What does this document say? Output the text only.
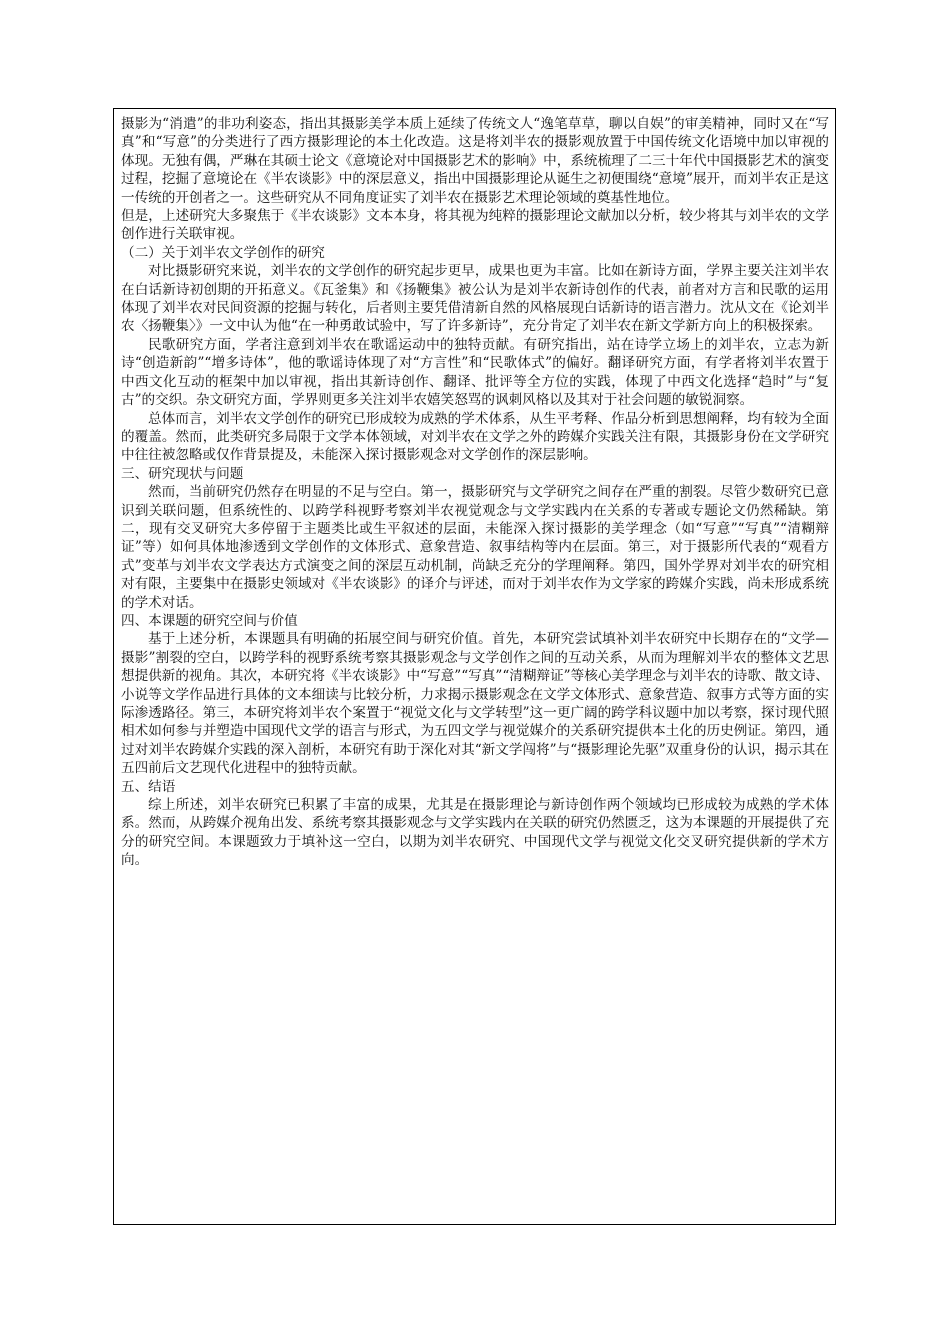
摄影为“消遣”的非功利姿态，指出其摄影美学本质上延续了传统文人“逸笔草草，聊以自娱”的审美精神，同时又在“写真”和“写意”的分类进行了西方摄影理论的本土化改造。这是将刘半农的摄影观放置于中国传统文化语境中加以审视的体现。无独有偶，严琳在其硕士论文《意境论对中国摄影艺术的影响》中，系统梳理了二三十年代中国摄影艺术的演变过程，挖掘了意境论在《半农谈影》中的深层意义，指出中国摄影理论从诞生之初便围绕“意境”展开，而刘半农正是这一传统的开创者之一。这些研究从不同角度证实了刘半农在摄影艺术理论领域的奠基性地位。

但是，上述研究大多聚焦于《半农谈影》文本本身，将其视为纯粹的摄影理论文献加以分析，较少将其与刘半农的文学创作进行关联审视。

（二）关于刘半农文学创作的研究

对比摄影研究来说，刘半农的文学创作的研究起步更早，成果也更为丰富。比如在新诗方面，学界主要关注刘半农在白话新诗初创期的开拓意义。《瓦釜集》和《扬鞭集》被公认为是刘半农新诗创作的代表，前者对方言和民歌的运用体现了刘半农对民间资源的挖掘与转化，后者则主要凭借清新自然的风格展现白话新诗的语言潜力。沈从文在《论刘半农〈扬鞭集〉》一文中认为他“在一种勇敢试验中，写了许多新诗”，充分肯定了刘半农在新文学新方向上的积极探索。

民歌研究方面，学者注意到刘半农在歌谣运动中的独特贡献。有研究指出，站在诗学立场上的刘半农，立志为新诗“创造新韵”“增多诗体”，他的歌谣诗体现了对“方言性”和“民歌体式”的偏好。翻译研究方面，有学者将刘半农置于中西文化互动的框架中加以审视，指出其新诗创作、翻译、批评等全方位的实践，体现了中西文化选择“趋时”与“复古”的交织。杂文研究方面，学界则更多关注刘半农嬉笑怒骂的讽刺风格以及其对于社会问题的敏锐洞察。

总体而言，刘半农文学创作的研究已形成较为成熟的学术体系，从生平考释、作品分析到思想阐释，均有较为全面的覆盖。然而，此类研究多局限于文学本体领域，对刘半农在文学之外的跨媒介实践关注有限，其摄影身份在文学研究中往往被忽略或仅作背景提及，未能深入探讨摄影观念对文学创作的深层影响。

三、研究现状与问题

然而，当前研究仍然存在明显的不足与空白。第一，摄影研究与文学研究之间存在严重的割裂。尽管少数研究已意识到关联问题，但系统性的、以跨学科视野考察刘半农视觉观念与文学实践内在关系的专著或专题论文仍然稀缺。第二，现有交叉研究大多停留于主题类比或生平叙述的层面，未能深入探讨摄影的美学理念（如“写意”“写真”“清糊辩证”等）如何具体地渗透到文学创作的文体形式、意象营造、叙事结构等内在层面。第三，对于摄影所代表的“观看方式”变革与刘半农文学表达方式演变之间的深层互动机制，尚缺乏充分的学理阐释。第四，国外学界对刘半农的研究相对有限，主要集中在摄影史领域对《半农谈影》的译介与评述，而对于刘半农作为文学家的跨媒介实践，尚未形成系统的学术对话。

四、本课题的研究空间与价值

基于上述分析，本课题具有明确的拓展空间与研究价值。首先，本研究尝试填补刘半农研究中长期存在的“文学—摄影”割裂的空白，以跨学科的视野系统考察其摄影观念与文学创作之间的互动关系，从而为理解刘半农的整体文艺思想提供新的视角。其次，本研究将《半农谈影》中“写意”“写真”“清糊辩证”等核心美学理念与刘半农的诗歌、散文诗、小说等文学作品进行具体的文本细读与比较分析，力求揭示摄影观念在文学文体形式、意象营造、叙事方式等方面的实际渗透路径。第三，本研究将刘半农个案置于“视觉文化与文学转型”这一更广阔的跨学科议题中加以考察，探讨现代照相术如何参与并塑造中国现代文学的语言与形式，为五四文学与视觉媒介的关系研究提供本土化的历史例证。第四，通过对刘半农跨媒介实践的深入剖析，本研究有助于深化对其“新文学闯将”与“摄影理论先驱”双重身份的认识，揭示其在五四前后文艺现代化进程中的独特贡献。

五、结语

综上所述，刘半农研究已积累了丰富的成果，尤其是在摄影理论与新诗创作两个领域均已形成较为成熟的学术体系。然而，从跨媒介视角出发、系统考察其摄影观念与文学实践内在关联的研究仍然匮乏，这为本课题的开展提供了充分的研究空间。本课题致力于填补这一空白，以期为刘半农研究、中国现代文学与视觉文化交叉研究提供新的学术方向。
